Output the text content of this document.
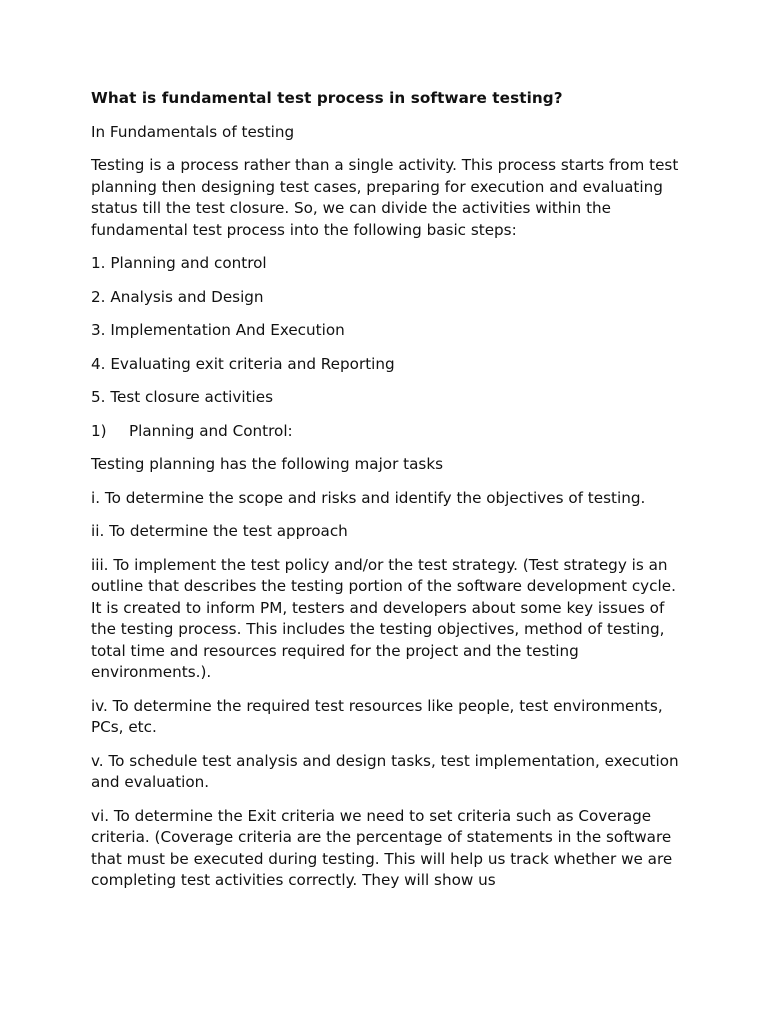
What is fundamental test process in software testing?

In Fundamentals of testing

Testing is a process rather than a single activity. This process starts from test planning then designing test cases, preparing for execution and evaluating status till the test closure. So, we can divide the activities within the fundamental test process into the following basic steps:

1. Planning and control

2. Analysis and Design

3. Implementation And Execution

4. Evaluating exit criteria and Reporting

5. Test closure activities

1) Planning and Control:

Testing planning has the following major tasks

i. To determine the scope and risks and identify the objectives of testing.

ii. To determine the test approach

iii. To implement the test policy and/or the test strategy. (Test strategy is an outline that describes the testing portion of the software development cycle. It is created to inform PM, testers and developers about some key issues of the testing process. This includes the testing objectives, method of testing, total time and resources required for the project and the testing environments.).

iv. To determine the required test resources like people, test environments, PCs, etc.

v. To schedule test analysis and design tasks, test implementation, execution and evaluation.

vi. To determine the Exit criteria we need to set criteria such as Coverage criteria. (Coverage criteria are the percentage of statements in the software that must be executed during testing. This will help us track whether we are completing test activities correctly. They will show us
